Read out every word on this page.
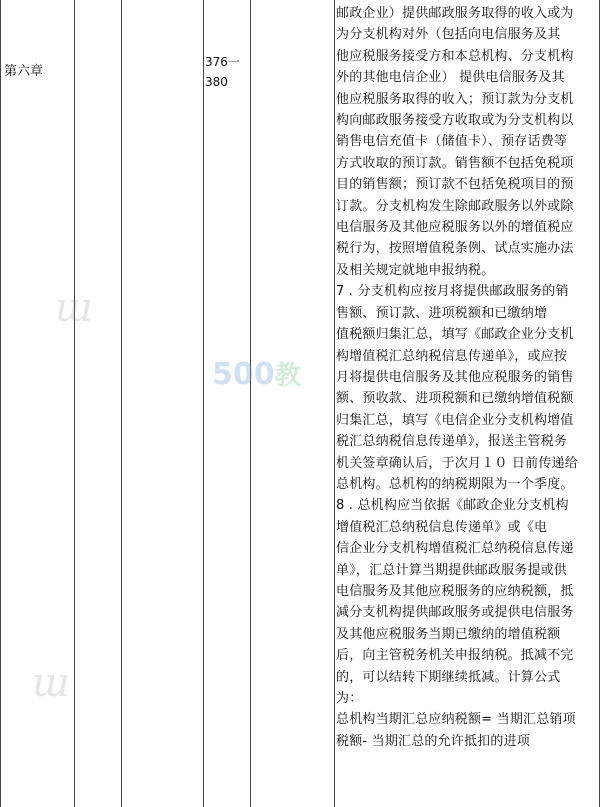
ɯ
ɯ
500教
第六章
376一
380
邮政企业）提供邮政服务取得的收入或为
为分支机构对外（包括向电信服务及其
他应税服务接受方和本总机构、分支机构
外的其他电信企业） 提供电信服务及其
他应税服务取得的收入；预订款为分支机
构向邮政服务接受方收取或为分支机构以
销售电信充值卡（储值卡）、预存话费等
方式收取的预订款。销售额不包括免税项
目的销售额；预订款不包括免税项目的预
订款。分支机构发生除邮政服务以外或除
电信服务及其他应税服务以外的增值税应
税行为，按照增值税条例、试点实施办法
及相关规定就地申报纳税。
7 . 分支机构应按月将提供邮政服务的销
售额、预订款、进项税额和已缴纳增
值税额归集汇总，填写《邮政企业分支机
构增值税汇总纳税信息传递单》，或应按
月将提供电信服务及其他应税服务的销售
额、预收款、进项税额和已缴纳增值税额
归集汇总，填写《电信企业分支机构增值
税汇总纳税信息传递单》，报送主管税务
机关签章确认后，于次月１０ 日前传递给
总机构。总机构的纳税期限为一个季度。
8 . 总机构应当依据《邮政企业分支机构
增值税汇总纳税信息传递单》或《电
信企业分支机构增值税汇总纳税信息传递
单》，汇总计算当期提供邮政服务提或供
电信服务及其他应税服务的应纳税额，抵
减分支机构提供邮政服务或提供电信服务
及其他应税服务当期已缴纳的增值税额
后，向主管税务机关申报纳税。抵减不完
的，可以结转下期继续抵减。计算公式
为：
总机构当期汇总应纳税额= 当期汇总销项
税额- 当期汇总的允许抵扣的进项
